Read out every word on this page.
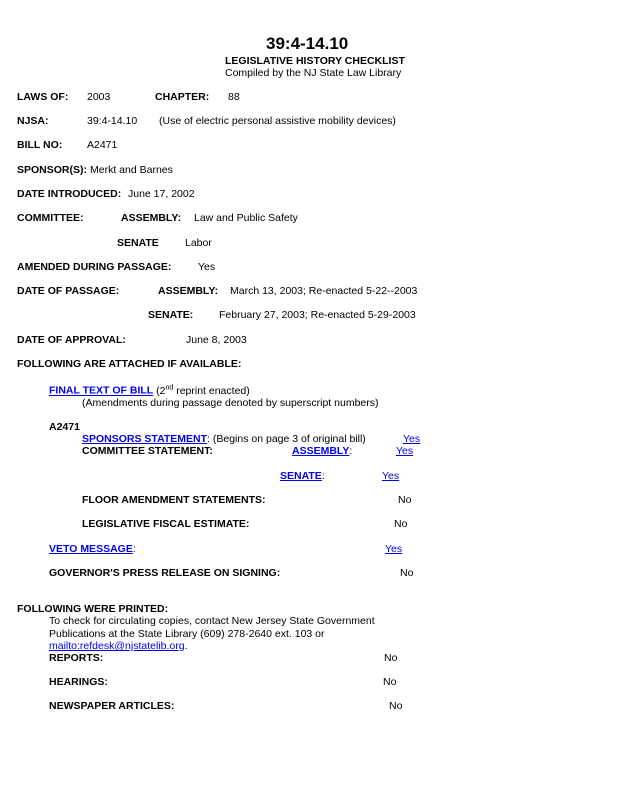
39:4-14.10
LEGISLATIVE HISTORY CHECKLIST
Compiled by the NJ State Law Library
LAWS OF: 2003	CHAPTER: 88
NJSA:	39:4-14.10 (Use of electric personal assistive mobility devices)
BILL NO: A2471
SPONSOR(S): Merkt and Barnes
DATE INTRODUCED: June 17, 2002
COMMITTEE:	ASSEMBLY: Law and Public Safety
SENATE Labor
AMENDED DURING PASSAGE:	Yes
DATE OF PASSAGE:	ASSEMBLY: March 13, 2003; Re-enacted 5-22--2003
SENATE: February 27, 2003; Re-enacted 5-29-2003
DATE OF APPROVAL:	June 8, 2003
FOLLOWING ARE ATTACHED IF AVAILABLE:
FINAL TEXT OF BILL (2nd reprint enacted)
(Amendments during passage denoted by superscript numbers)
A2471
SPONSORS STATEMENT: (Begins on page 3 of original bill)	Yes
COMMITTEE STATEMENT:	ASSEMBLY:	Yes
SENATE:	Yes
FLOOR AMENDMENT STATEMENTS:	No
LEGISLATIVE FISCAL ESTIMATE:	No
VETO MESSAGE:	Yes
GOVERNOR'S PRESS RELEASE ON SIGNING:	No
FOLLOWING WERE PRINTED:
To check for circulating copies, contact New Jersey State Government
Publications at the State Library (609) 278-2640 ext. 103 or
mailto:refdesk@njstatelib.org.
REPORTS:	No
HEARINGS:	No
NEWSPAPER ARTICLES:	No
